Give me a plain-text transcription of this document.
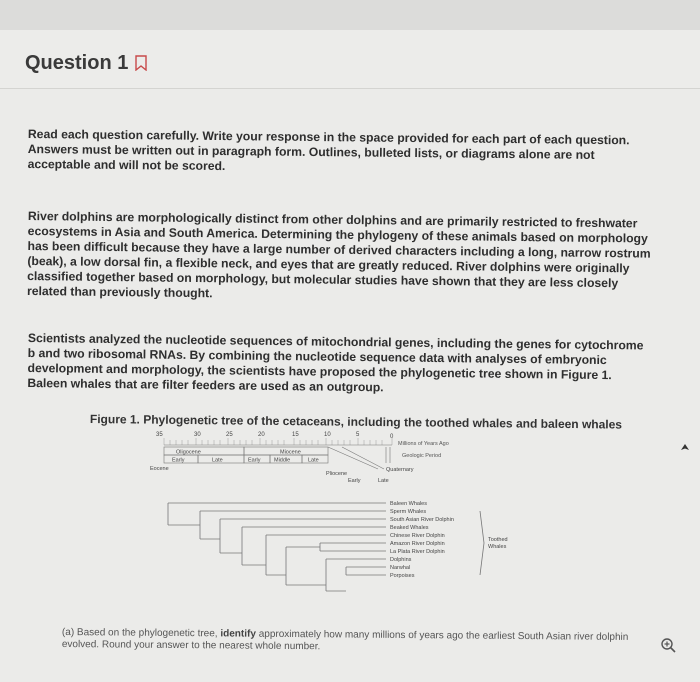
Question 1

Read each question carefully. Write your response in the space provided for each part of each question. Answers must be written out in paragraph form. Outlines, bulleted lists, or diagrams alone are not acceptable and will not be scored.

River dolphins are morphologically distinct from other dolphins and are primarily restricted to freshwater ecosystems in Asia and South America. Determining the phylogeny of these animals based on morphology has been difficult because they have a large number of derived characters including a long, narrow rostrum (beak), a low dorsal fin, a flexible neck, and eyes that are greatly reduced. River dolphins were originally classified together based on morphology, but molecular studies have shown that they are less closely related than previously thought.

Scientists analyzed the nucleotide sequences of mitochondrial genes, including the genes for cytochrome b and two ribosomal RNAs. By combining the nucleotide sequence data with analyses of embryonic development and morphology, the scientists have proposed the phylogenetic tree shown in Figure 1. Baleen whales that are filter feeders are used as an outgroup.

Figure 1. Phylogenetic tree of the cetaceans, including the toothed whales and baleen whales
35	30	25	20	15	10	5	0
Millions of Years Ago
Oligocene
Early	Late
Miocene
Early Middle	Late
Geologic Period
Eocene
Pliocene
Quaternary
Early	Late
Baleen Whales
Sperm Whales
South Asian River Dolphin
Beaked Whales
Chinese River Dolphin
Amazon River Dolphin
La Plata River Dolphin
Dolphins
Narwhal
Porpoises
Toothed
Whales
(a) Based on the phylogenetic tree, identify approximately how many millions of years ago the earliest South Asian river dolphin evolved. Round your answer to the nearest whole number.
